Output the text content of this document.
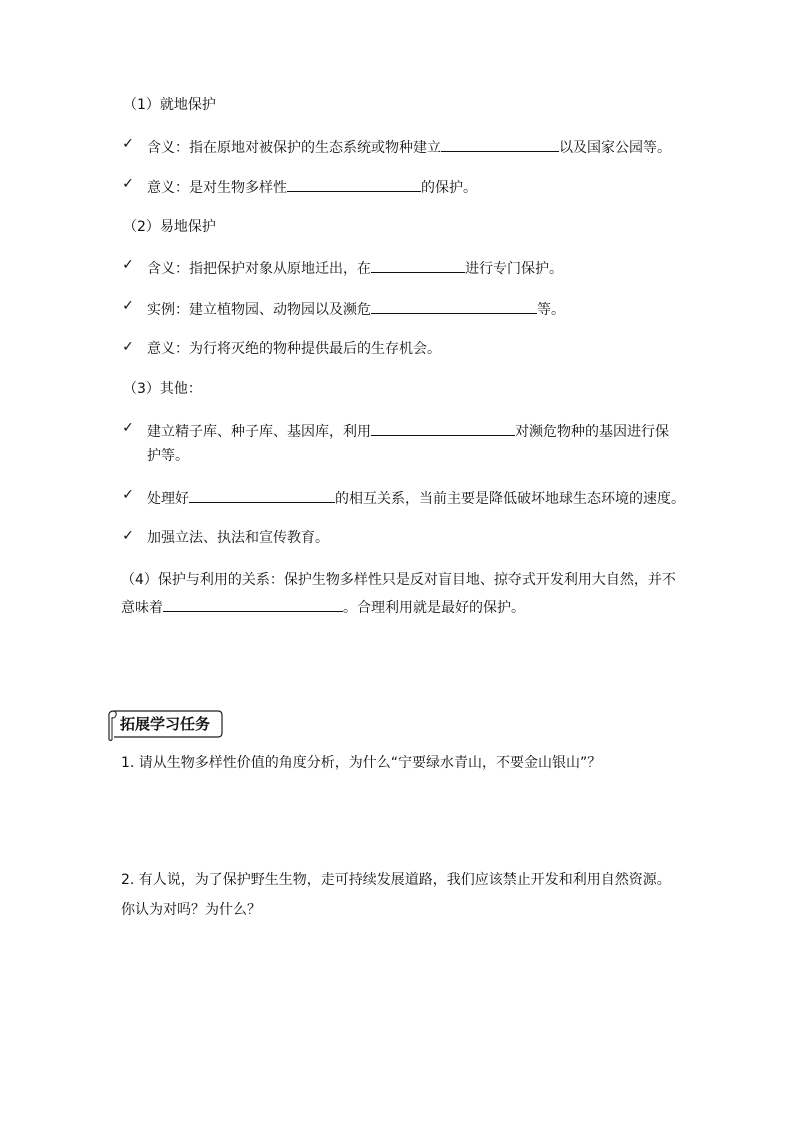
（1）就地保护
✓ 含义：指在原地对被保护的生态系统或物种建立	以及国家公园等。
✓ 意义：是对生物多样性	的保护。
（2）易地保护
✓ 含义：指把保护对象从原地迁出，在	进行专门保护。
✓ 实例：建立植物园、动物园以及濒危	等。
✓ 意义：为行将灭绝的物种提供最后的生存机会。
（3）其他：
✓ 建立精子库、种子库、基因库，利用	对濒危物种的基因进行保
护等。
✓ 处理好	的相互关系，当前主要是降低破坏地球生态环境的速度。
✓ 加强立法、执法和宣传教育。
（4）保护与利用的关系：保护生物多样性只是反对盲目地、掠夺式开发利用大自然，并不
意味着	。合理利用就是最好的保护。
拓展学习任务
1. 请从生物多样性价值的角度分析，为什么“宁要绿水青山，不要金山银山”？
2. 有人说，为了保护野生生物，走可持续发展道路，我们应该禁止开发和利用自然资源。
你认为对吗？为什么？
